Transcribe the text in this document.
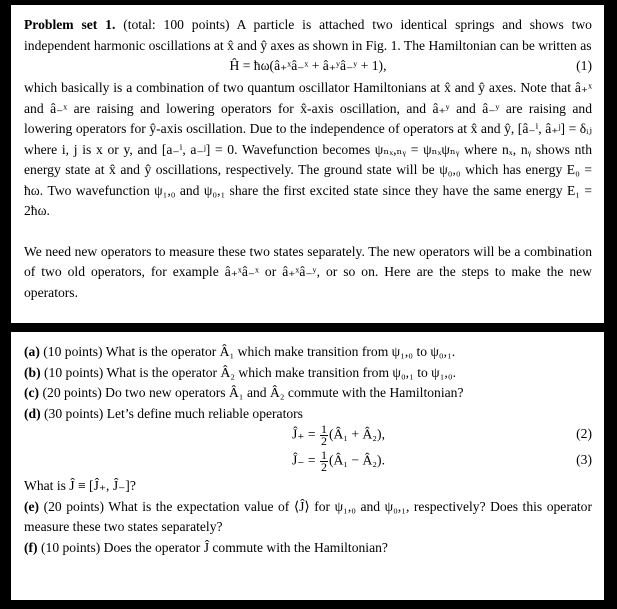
Problem set 1. (total: 100 points) A particle is attached two identical springs and shows two independent harmonic oscillations at x̂ and ŷ axes as shown in Fig. 1. The Hamiltonian can be written as

Ĥ = ħω(â₊ˣâ₋ˣ + â₊ʸâ₋ʸ + 1),	(1)

which basically is a combination of two quantum oscillator Hamiltonians at x̂ and ŷ axes. Note that â₊ˣ and â₋ˣ are raising and lowering operators for x̂-axis oscillation, and â₊ʸ and â₋ʸ are raising and lowering operators for ŷ-axis oscillation. Due to the independence of operators at x̂ and ŷ, [â₋ⁱ, â₊ʲ] = δᵢⱼ where i, j is x or y, and [a₋ⁱ, a₋ʲ] = 0. Wavefunction becomes ψₙₓ,ₙᵧ = ψₙₓψₙᵧ where nₓ, nᵧ shows nth energy state at x̂ and ŷ oscillations, respectively. The ground state will be ψ₀,₀ which has energy E₀ = ħω. Two wavefunction ψ₁,₀ and ψ₀,₁ share the first excited state since they have the same energy E₁ = 2ħω.

We need new operators to measure these two states separately. The new operators will be a combination of two old operators, for example â₊ˣâ₋ˣ or â₊ˣâ₋ʸ, or so on. Here are the steps to make the new operators.

(a) (10 points) What is the operator Â₁ which make transition from ψ₁,₀ to ψ₀,₁.

(b) (10 points) What is the operator Â₂ which make transition from ψ₀,₁ to ψ₁,₀.

(c) (20 points) Do two new operators Â₁ and Â₂ commute with the Hamiltonian?

(d) (30 points) Let’s define much reliable operators

Ĵ₊ = $\frac{1}{2}$ (Â₁ + Â₂),	(2)
Ĵ₋ = $\frac{1}{2}$ (Â₁ − Â₂).	(3)

What is Ĵ ≡ [Ĵ₊, Ĵ₋]?

(e) (20 points) What is the expectation value of ⟨Ĵ⟩ for ψ₁,₀ and ψ₀,₁, respectively? Does this operator measure these two states separately?

(f) (10 points) Does the operator Ĵ commute with the Hamiltonian?
